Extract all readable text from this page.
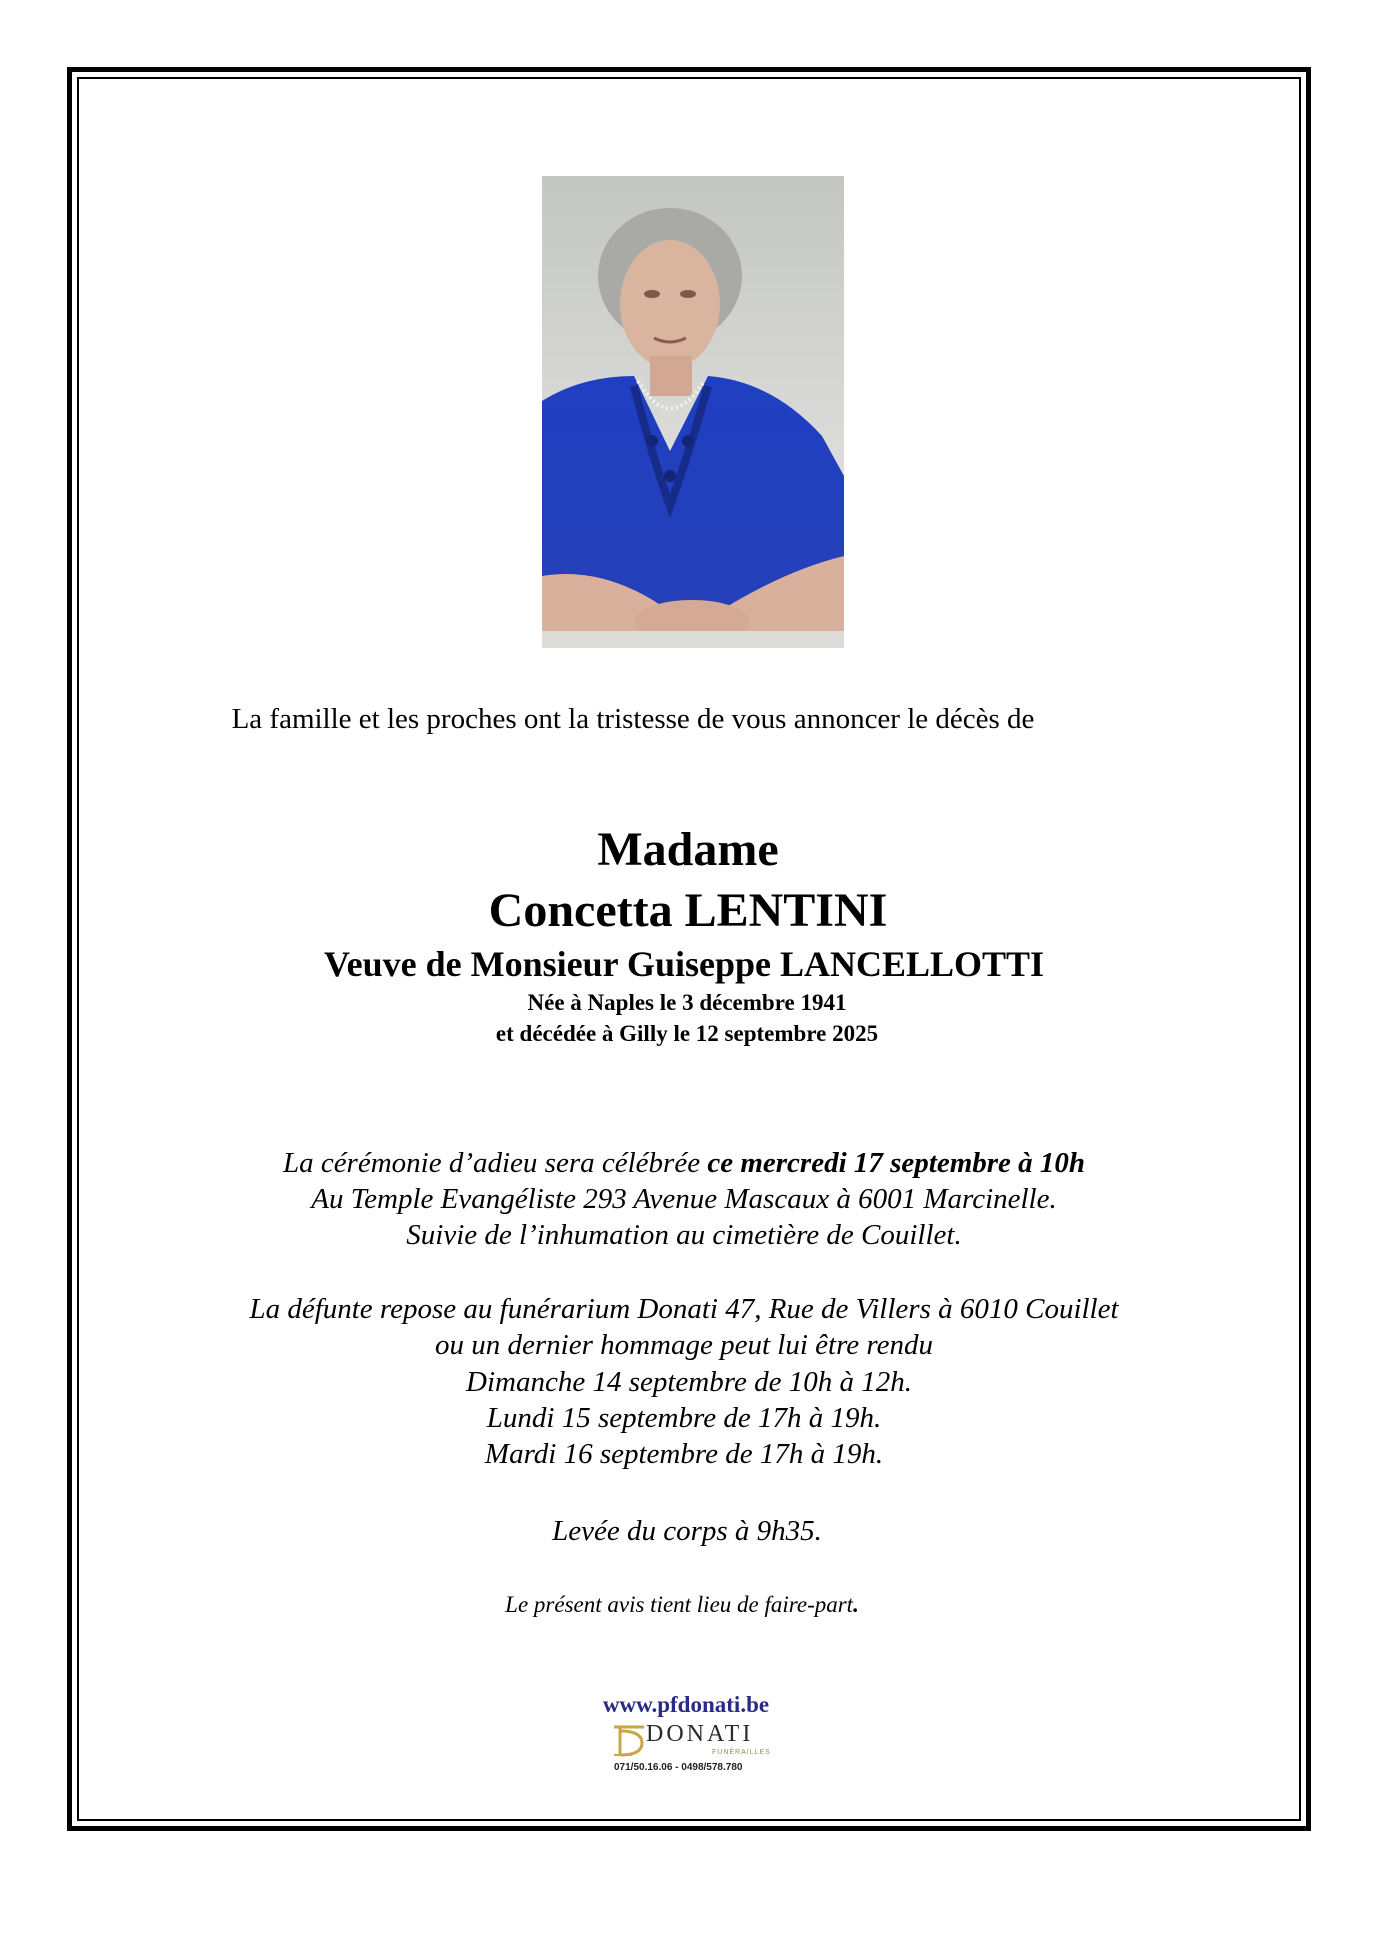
La famille et les proches ont la tristesse de vous annoncer le décès de
Madame
Concetta LENTINI
Veuve de Monsieur Guiseppe LANCELLOTTI
Née à Naples le 3 décembre 1941
et décédée à Gilly le 12 septembre 2025
La cérémonie d’adieu sera célébrée ce mercredi 17 septembre à 10h
Au Temple Evangéliste 293 Avenue Mascaux à 6001 Marcinelle.
Suivie de l’inhumation au cimetière de Couillet.
La défunte repose au funérarium Donati 47, Rue de Villers à 6010 Couillet
ou un dernier hommage peut lui être rendu
Dimanche 14 septembre de 10h à 12h.
Lundi 15 septembre de 17h à 19h.
Mardi 16 septembre de 17h à 19h.
Levée du corps à 9h35.
Le présent avis tient lieu de faire-part.
www.pfdonati.be
DONATI
FUNÉRAILLES
071/50.16.06 - 0498/578.780
